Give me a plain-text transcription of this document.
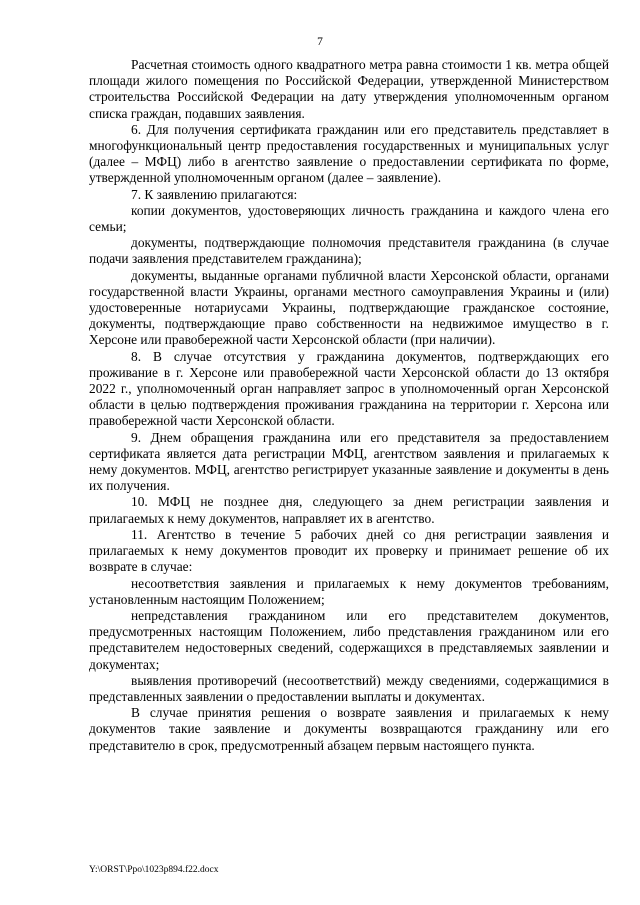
7

Расчетная стоимость одного квадратного метра равна стоимости 1 кв. метра общей площади жилого помещения по Российской Федерации, утвержденной Министерством строительства Российской Федерации на дату утверждения уполномоченным органом списка граждан, подавших заявления.

6. Для получения сертификата гражданин или его представитель представляет в многофункциональный центр предоставления государственных и муниципальных услуг (далее – МФЦ) либо в агентство заявление о предоставлении сертификата по форме, утвержденной уполномоченным органом (далее – заявление).

7. К заявлению прилагаются:

копии документов, удостоверяющих личность гражданина и каждого члена его семьи;

документы, подтверждающие полномочия представителя гражданина (в случае подачи заявления представителем гражданина);

документы, выданные органами публичной власти Херсонской области, органами государственной власти Украины, органами местного самоуправления Украины и (или) удостоверенные нотариусами Украины, подтверждающие гражданское состояние, документы, подтверждающие право собственности на недвижимое имущество в г. Херсоне или правобережной части Херсонской области (при наличии).

8. В случае отсутствия у гражданина документов, подтверждающих его проживание в г. Херсоне или правобережной части Херсонской области до 13 октября 2022 г., уполномоченный орган направляет запрос в уполномоченный орган Херсонской области в целью подтверждения проживания гражданина на территории г. Херсона или правобережной части Херсонской области.

9. Днем обращения гражданина или его представителя за предоставлением сертификата является дата регистрации МФЦ, агентством заявления и прилагаемых к нему документов. МФЦ, агентство регистрирует указанные заявление и документы в день их получения.

10. МФЦ не позднее дня, следующего за днем регистрации заявления и прилагаемых к нему документов, направляет их в агентство.

11. Агентство в течение 5 рабочих дней со дня регистрации заявления и прилагаемых к нему документов проводит их проверку и принимает решение об их возврате в случае:

несоответствия заявления и прилагаемых к нему документов требованиям, установленным настоящим Положением;

непредставления гражданином или его представителем документов, предусмотренных настоящим Положением, либо представления гражданином или его представителем недостоверных сведений, содержащихся в представляемых заявлении и документах;

выявления противоречий (несоответствий) между сведениями, содержащимися в представленных заявлении о предоставлении выплаты и документах.

В случае принятия решения о возврате заявления и прилагаемых к нему документов такие заявление и документы возвращаются гражданину или его представителю в срок, предусмотренный абзацем первым настоящего пункта.

Y:\ORST\Ppo\1023p894.f22.docx
